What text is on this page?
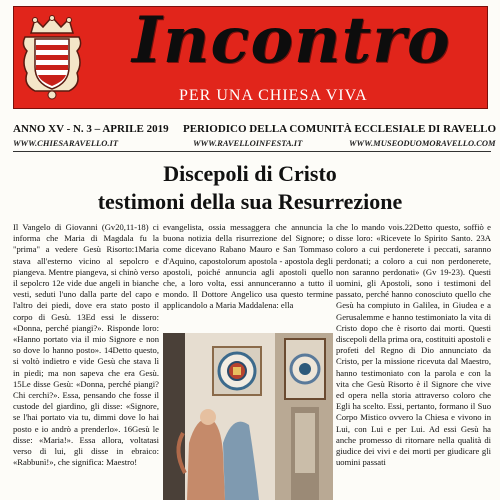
Incontro
PER UNA CHIESA VIVA
ANNO XV - N. 3 – APRILE 2019 PERIODICO DELLA COMUNITÀ ECCLESIALE DI RAVELLO
WWW.CHIESARAVELLO.IT	WWW.RAVELLOINFESTA.IT	WWW.MUSEODUOMORAVELLO.COM
Discepoli di Cristo
testimoni della sua Resurrezione
Il Vangelo di Giovanni (Gv20,11-18) ci informa che Maria di Magdala fu la "prima" a vedere Gesù Risorto:1Maria stava all'esterno vicino al sepolcro e piangeva. Mentre piangeva, si chinò verso il sepolcro 12e vide due angeli in bianche vesti, seduti l'uno dalla parte del capo e l'altro dei piedi, dove era stato posto il corpo di Gesù. 13Ed essi le dissero: «Donna, perché piangi?». Risponde loro: «Hanno portato via il mio Signore e non so dove lo hanno posto». 14Detto questo, si voltò indietro e vide Gesù che stava lì in piedi; ma non sapeva che era Gesù. 15Le disse Gesù: «Donna, perché piangi? Chi cerchi?». Essa, pensando che fosse il custode del giardino, gli disse: «Signore, se l'hai portato via tu, dimmi dove lo hai posto e io andrò a prenderlo». 16Gesù le disse: «Maria!». Essa allora, voltatasi verso di lui, gli disse in ebraico: «Rabbunì!», che significa: Maestro!
evangelista, ossia messaggera che annuncia la buona notizia della risurrezione del Signore; o come dicevano Rabano Mauro e San Tommaso d'Aquino, capostolorum apostola - apostola degli apostoli, poiché annuncia agli apostoli quello che, a loro volta, essi annunceranno a tutto il mondo. Il Dottore Angelico usa questo termine applicandolo a Maria Maddalena: ella
che lo mando vois.22Detto questo, soffiò e disse loro: «Ricevete lo Spirito Santo. 23A coloro a cui perdonerete i peccati, saranno perdonati; a coloro a cui non perdonerete, non saranno perdonati» (Gv 19-23). Questi uomini, gli Apostoli, sono i testimoni del passato, perché hanno conosciuto quello che Gesù ha compiuto in Galilea, in Giudea e a Gerusalemme e hanno testimoniato la vita di Cristo dopo che è risorto dai morti. Questi discepoli della prima ora, costituiti apostoli e profeti del Regno di Dio annunciato da Cristo, per la missione ricevuta dal Maestro, hanno testimoniato con la parola e con la vita che Gesù Risorto è il Signore che vive ed opera nella storia attraverso coloro che Egli ha scelto. Essi, pertanto, formano il Suo Corpo Mistico ovvero la Chiesa e vivono in Lui, con Lui e per Lui. Ad essi Gesù ha anche promesso di ritornare nella qualità di giudice dei vivi e dei morti per giudicare gli uomini passati
